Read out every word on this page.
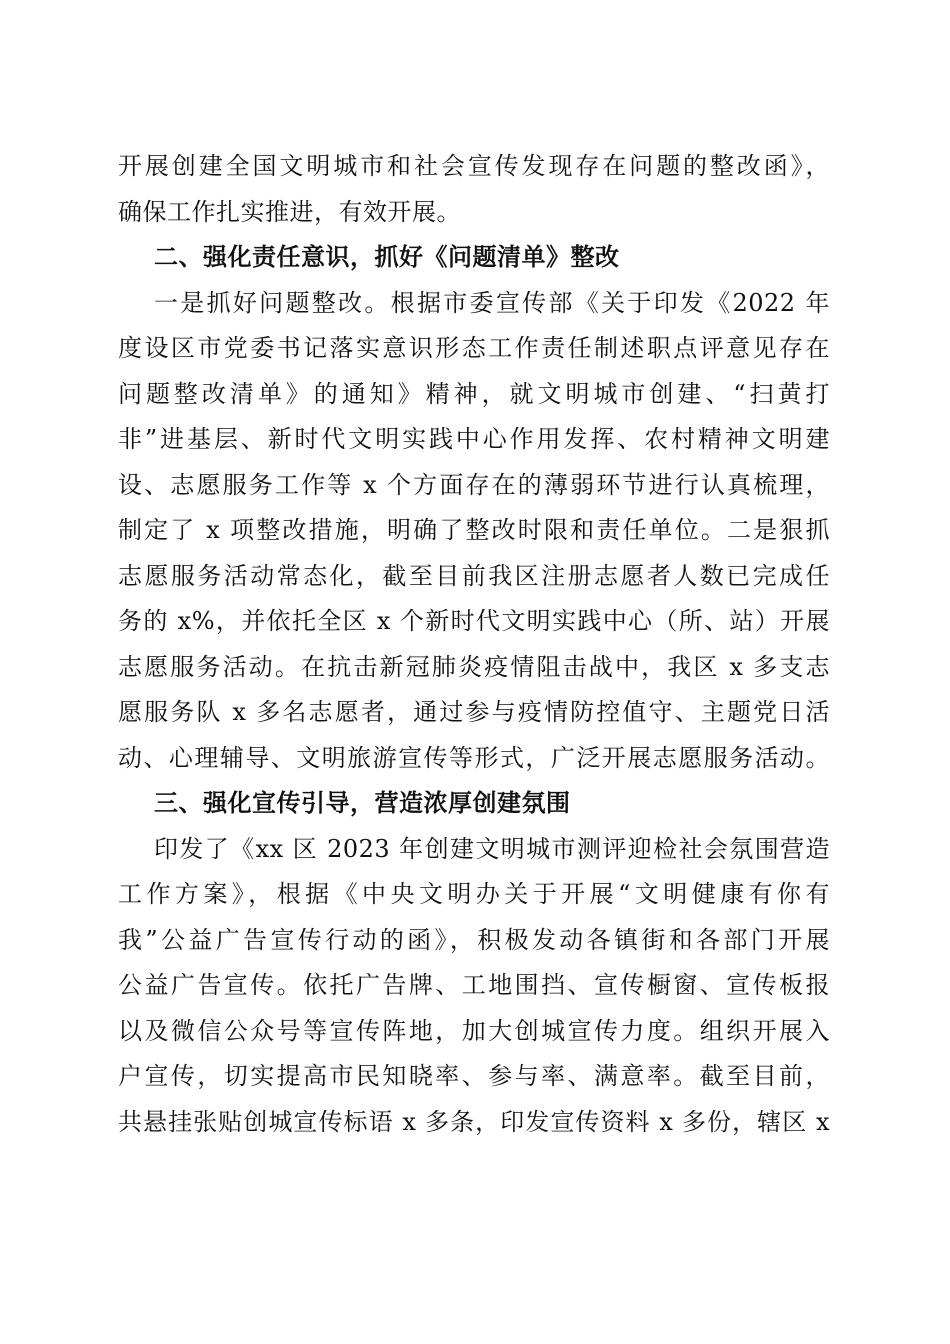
开展创建全国文明城市和社会宣传发现存在问题的整改函》，
确保工作扎实推进，有效开展。
二、强化责任意识，抓好《问题清单》整改
一是抓好问题整改。根据市委宣传部《关于印发《2022 年
度设区市党委书记落实意识形态工作责任制述职点评意见存在
问题整改清单》的通知》精神，就文明城市创建、“扫黄打
非”进基层、新时代文明实践中心作用发挥、农村精神文明建
设、志愿服务工作等 x 个方面存在的薄弱环节进行认真梳理，
制定了 x 项整改措施，明确了整改时限和责任单位。二是狠抓
志愿服务活动常态化，截至目前我区注册志愿者人数已完成任
务的 x%，并依托全区 x 个新时代文明实践中心（所、站）开展
志愿服务活动。在抗击新冠肺炎疫情阻击战中，我区 x 多支志
愿服务队 x 多名志愿者，通过参与疫情防控值守、主题党日活
动、心理辅导、文明旅游宣传等形式，广泛开展志愿服务活动。
三、强化宣传引导，营造浓厚创建氛围
印发了《xx 区 2023 年创建文明城市测评迎检社会氛围营造
工作方案》，根据《中央文明办关于开展“文明健康有你有
我”公益广告宣传行动的函》，积极发动各镇街和各部门开展
公益广告宣传。依托广告牌、工地围挡、宣传橱窗、宣传板报
以及微信公众号等宣传阵地，加大创城宣传力度。组织开展入
户宣传，切实提高市民知晓率、参与率、满意率。截至目前，
共悬挂张贴创城宣传标语 x 多条，印发宣传资料 x 多份，辖区 x
